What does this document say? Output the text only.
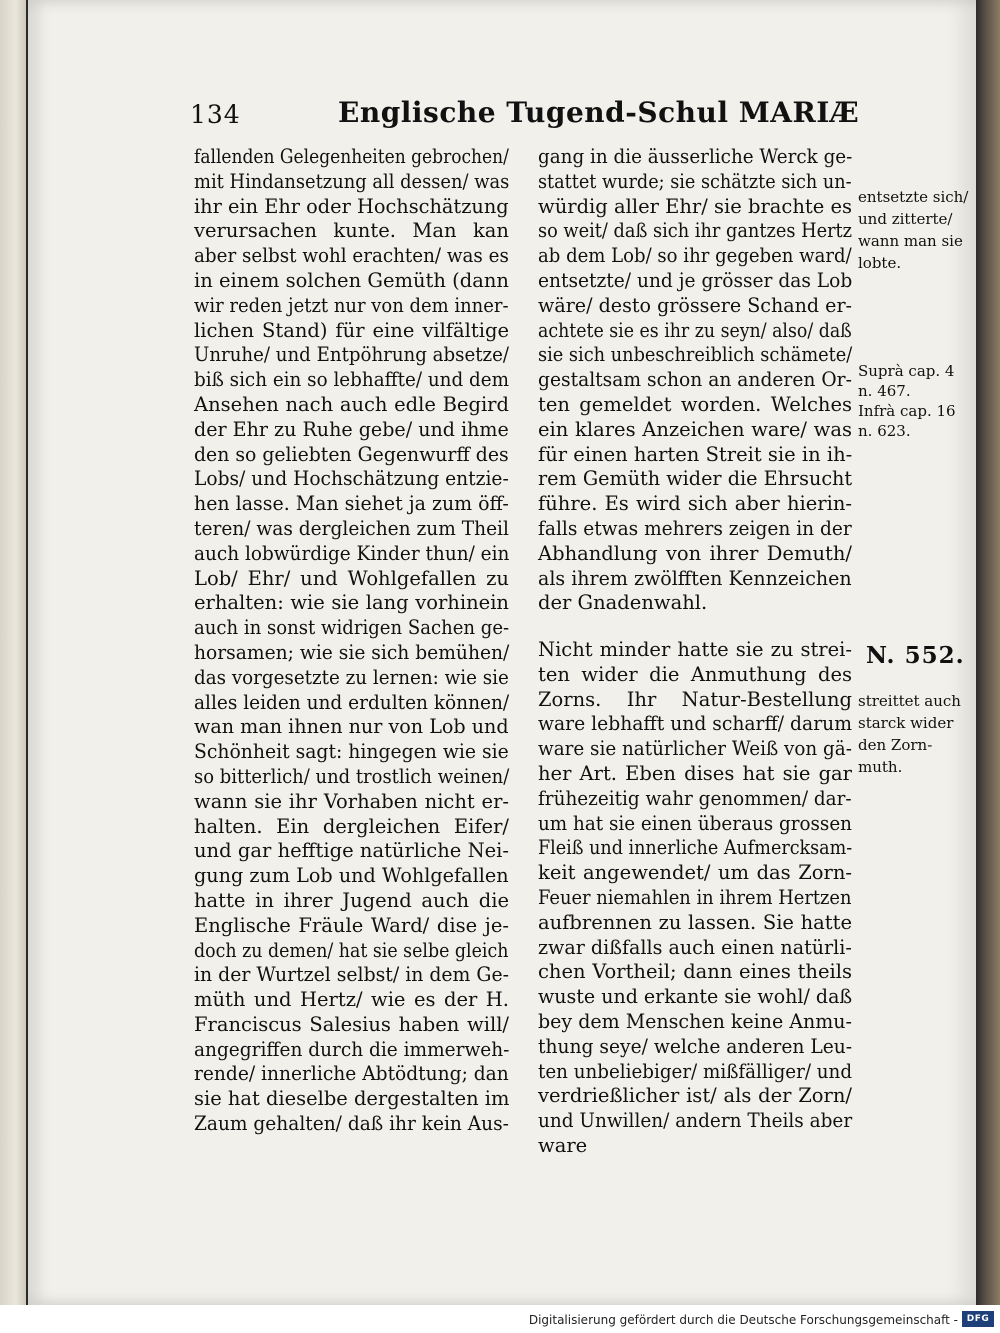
134	Englische Tugend-Schul MARIÆ
fallenden Gelegenheiten gebrochen/
mit Hindansetzung all dessen/ was
ihr ein Ehr oder Hochschätzung
verursachen kunte. Man kan
aber selbst wohl erachten/ was es
in einem solchen Gemüth (dann
wir reden jetzt nur von dem inner-
lichen Stand) für eine vilfältige
Unruhe/ und Entpöhrung absetze/
biß sich ein so lebhaffte/ und dem
Ansehen nach auch edle Begird
der Ehr zu Ruhe gebe/ und ihme
den so geliebten Gegenwurff des
Lobs/ und Hochschätzung entzie-
hen lasse. Man siehet ja zum öff-
teren/ was dergleichen zum Theil
auch lobwürdige Kinder thun/ ein
Lob/ Ehr/ und Wohlgefallen zu
erhalten: wie sie lang vorhinein
auch in sonst widrigen Sachen ge-
horsamen; wie sie sich bemühen/
das vorgesetzte zu lernen: wie sie
alles leiden und erdulten können/
wan man ihnen nur von Lob und
Schönheit sagt: hingegen wie sie
so bitterlich/ und trostlich weinen/
wann sie ihr Vorhaben nicht er-
halten. Ein dergleichen Eifer/
und gar hefftige natürliche Nei-
gung zum Lob und Wohlgefallen
hatte in ihrer Jugend auch die
Englische Fräule Ward/ dise je-
doch zu demen/ hat sie selbe gleich
in der Wurtzel selbst/ in dem Ge-
müth und Hertz/ wie es der H.
Franciscus Salesius haben will/
angegriffen durch die immerweh-
rende/ innerliche Abtödtung; dan
sie hat dieselbe dergestalten im
Zaum gehalten/ daß ihr kein Aus-
gang in die äusserliche Werck ge-
stattet wurde; sie schätzte sich un-
würdig aller Ehr/ sie brachte es
so weit/ daß sich ihr gantzes Hertz
ab dem Lob/ so ihr gegeben ward/
entsetzte/ und je grösser das Lob
wäre/ desto grössere Schand er-
achtete sie es ihr zu seyn/ also/ daß
sie sich unbeschreiblich schämete/
gestaltsam schon an anderen Or-
ten gemeldet worden. Welches
ein klares Anzeichen ware/ was
für einen harten Streit sie in ih-
rem Gemüth wider die Ehrsucht
führe. Es wird sich aber hierin-
falls etwas mehrers zeigen in der
Abhandlung von ihrer Demuth/
als ihrem zwölfften Kennzeichen
der Gnadenwahl.
Nicht minder hatte sie zu strei-
ten wider die Anmuthung des
Zorns. Ihr Natur-Bestellung
ware lebhafft und scharff/ darum
ware sie natürlicher Weiß von gä-
her Art. Eben dises hat sie gar
frühezeitig wahr genommen/ dar-
um hat sie einen überaus grossen
Fleiß und innerliche Aufmercksam-
keit angewendet/ um das Zorn-
Feuer niemahlen in ihrem Hertzen
aufbrennen zu lassen. Sie hatte
zwar dißfalls auch einen natürli-
chen Vortheil; dann eines theils
wuste und erkante sie wohl/ daß
bey dem Menschen keine Anmu-
thung seye/ welche anderen Leu-
ten unbeliebiger/ mißfälliger/ und
verdrießlicher ist/ als der Zorn/
und Unwillen/ andern Theils aber
ware
entsetzte sich/
und zitterte/
wann man sie
lobte.
Suprà cap. 4
n. 467.
Infrà cap. 16
n. 623.
N. 552.
streittet auch
starck wider
den Zorn-
muth.
Digitalisierung gefördert durch die Deutsche Forschungsgemeinschaft - DFG
